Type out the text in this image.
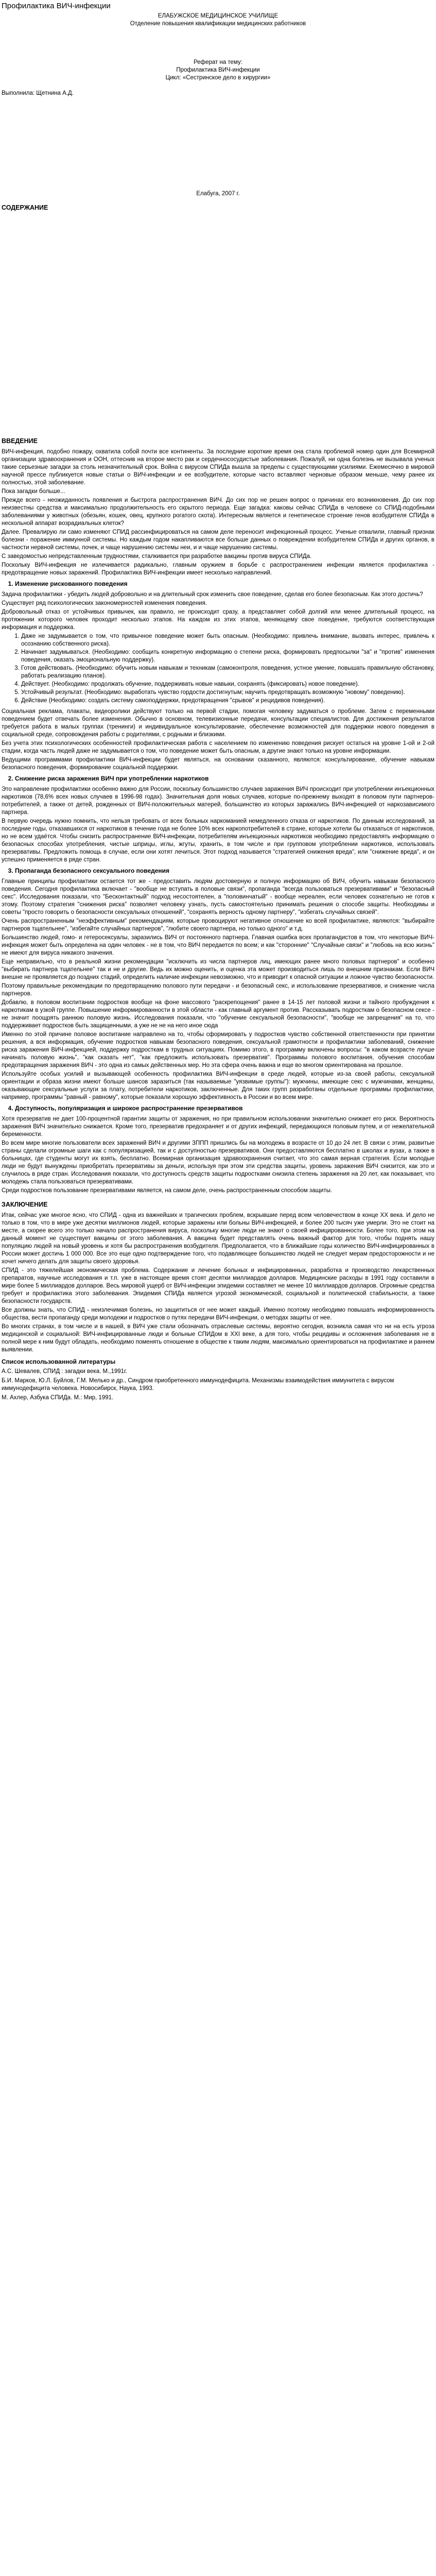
Профилактика ВИЧ-инфекции
ЕЛАБУЖСКОЕ МЕДИЦИНСКОЕ УЧИЛИЩЕ
Отделение повышения квалификации медицинских работников
Реферат на тему:
Профилактика ВИЧ-инфекции
Цикл: «Сестринское дело в хирургии»
Выполнила: Щетнина А.Д.
Елабуга, 2007 г.
СОДЕРЖАНИЕ
ВВЕДЕНИЕ

ВИЧ-инфекция, подобно пожару, охватила собой почти все континенты. За последние короткие время она стала проблемой номер один для Всемирной организации здравоохранения и ООН, оттеснив на второе место рак и сердечнососудистые заболевания. Пожалуй, ни одна болезнь не вызывала ученых такие серьезные загадки за столь незначительный срок. Война с вирусом СПИДа вышла за пределы с существующими усилиями. Ежемесячно в мировой научной прессе публикуется новые статьи о ВИЧ-инфекции и ее возбудителе, которые часто вставляют черновые образом меньше, чему ранее их полностью, этой заболевание.

Пока загадки больше...

Прежде всего - неожиданность появления и быстрота распространения ВИЧ. До сих пор не решен вопрос о причинах его возникновения. До сих пор неизвестны средства и максимально продолжительность его скрытого периода. Еще загадка: каковы сейчас СПИДа в человеке со СПИД-подобными заболеваниями у животных (обезьян, кошек, овец, крупного рогатого скота). Интересным является и генетическое строение генов возбудителя СПИДа в нескольной аппарат возрадиальных клеток?

Далее. Превалирую ли само изменяют СПИД рассинфицироваться на самом деле переносит инфекционный процесс. Ученые отвалили, главный признак болезни - поражение иммунной системы. Но каждым годом накапливаются все больше данных о повреждении возбудителем СПИДа и других органов, в частности нервной системы, почек, и чаще нарушению системы неи, и и чаще нарушению системы.

С заведомостью непредставленным трудностями, сталкивается при разработке вакцины против вируса СПИДа.

Поскольку ВИЧ-инфекция не излечивается радикально, главным оружием в борьбе с распространением инфекции является профилактика - предотвращение новых заражений. Профилактика ВИЧ-инфекции имеет несколько направлений.

1. Изменение рискованного поведения

Задача профилактики - убедить людей добровольно и на длительный срок изменить свое поведение, сделав его более безопасным. Как этого достичь?

Существует ряд психологических закономерностей изменения поведения.

Добровольный отказ от устойчивых привычек, как правило, не происходит сразу, а представляет собой долгий или менее длительный процесс, на протяжении которого человек проходит несколько этапов. На каждом из этих этапов, меняющему свое поведение, требуются соответствующая информация и поддержка.

1. Даже не задумывается о том, что привычное поведение может быть опасным. (Необходимо: привлечь внимание, вызвать интерес, привлечь к осознанию собственного риска).
2. Начинает задумываться. (Необходимо: сообщить конкретную информацию о степени риска, формировать предпосылки "за" и "против" изменения поведения, оказать эмоциональную поддержку).
3. Готов действовать. (Необходимо: обучить новым навыкам и техникам (самоконтроля, поведения, устное умение, повышать правильную обстановку, работать реализацию планов).
4. Действует. (Необходимо: продолжать обучение, поддерживать новые навыки, сохранять (фиксировать) новое поведение).
5. Устойчивый результат. (Необходимо: выработать чувство гордости достигнутым; научить предотвращать возможную "новому" поведению).
6. Действие (Необходимо: создать систему самоподдержки, предотвращения "срывов" и рецидивов поведения).

Социальная реклама, плакаты, видеоролики действуют только на первой стадии, помогая человеку задуматься о проблеме. Затем с переменными поведением будет отвечать более изменения. Обычно в основном, телевизионные передачи, консультации специалистов. Для достижения результатов требуется работа в малых группах (тренинги) и индивидуальное консультирование, обеспечение возможностей для поддержки нового поведения в социальной среде, сопровождения работы с родителями, с родными и близкими.

Без учета этих психологических особенностей профилактическая работа с населением по изменению поведения рискует остаться на уровне 1-ой и 2-ой стадии, когда часть людей даже не задумывается о том, что поведение может быть опасным, а другие знают только на уровне информации.

Ведущими программами профилактики ВИЧ-инфекции будет являться, на основании сказанного, являются: консультирование, обучение навыкам безопасного поведения, формирование социальной поддержки.

2. Снижение риска заражения ВИЧ при употреблении наркотиков

Это направление профилактики особенно важно для России, поскольку большинство случаев заражения ВИЧ происходит при употреблении инъекционных наркотиков (78,6% всех новых случаев в 1996-98 годах). Значительная доля новых случаев, которые по-прежнему выходят в половом пути партнеров-потребителей, а также от детей, рожденных от ВИЧ-положительных матерей, большинство из которых заражались ВИЧ-инфекцией от наркозависимого партнера.

В первую очередь нужно помнить, что нельзя требовать от всех больных наркоманией немедленного отказа от наркотиков. По данным исследований, за последние годы, отказавшихся от наркотиков в течение года не более 10% всех наркопотребителей в стране, которые хотели бы отказаться от наркотиков, но не всем удаётся. Чтобы снизить распространение ВИЧ-инфекции, потребителям инъекционных наркотиков необходимо предоставлять информацию о безопасных способах употребления, чистые шприцы, иглы, жгуты, хранить, в том числе и при групповом употреблении наркотиков, использовать презервативы. Предложить помощь в случае, если они хотят лечиться. Этот подход называется "стратегией снижения вреда", или "снижение вреда", и он успешно применяется в ряде стран.

3. Пропаганда безопасного сексуального поведения

Главные принципы профилактики остается тот же - предоставить людям достоверную и полную информацию об ВИЧ, обучить навыкам безопасного поведения. Сегодня профилактика включает - "вообще не вступать в половые связи", пропаганда "всегда пользоваться презервативами" и "безопасный секс". Исследования показали, что "Бесконтактный" подход несостоятелен, а "половинчатый" - вообще нереален, если человек сознательно не готов к этому. Поэтому стратегия "снижения риска" позволяет человеку узнать, пусть самостоятельно принимать решения о способе защиты. Необходимы и советы "просто говорить о безопасности сексуальных отношений", "сохранять верность одному партнеру", "избегать случайных связей".

Очень распространенным "неэффективным" рекомендациям, которые провоцируют негативное отношение ко всей профилактике, являются: "выбирайте партнеров тщательнее", "избегайте случайных партнеров", "любите своего партнера, но только одного" и т.д.

Большинство людей, гомо- и гетеросексуалы, заразились ВИЧ от постоянного партнера. Главная ошибка всех пропагандистов в том, что некоторые ВИЧ-инфекция может быть определена на один человек - не в том, что ВИЧ передается по всем; и как "сторонние" "Случайные связи" и "любовь на всю жизнь" не имеют для вируса никакого значения.

Еще неправильно, что в реальной жизни рекомендации "исключить из числа партнеров лиц, имеющих ранее много половых партнеров" и особенно "выбирать партнера тщательнее" так и не и другие. Ведь их можно оценить, и оценка эта может производиться лишь по внешним признакам. Если ВИЧ внешне не проявляется до поздних стадий, определить наличие инфекции невозможно, что и приводит к опасной ситуации и ложное чувство безопасности.

Поэтому правильные рекомендации по предотвращению полового пути передачи - и безопасный секс, и использование презервативов, и снижение числа партнеров.

Добавлю, в половом воспитании подростков вообще на фоне массового "раскрепощения" ранее в 14-15 лет половой жизни и тайного пробуждения к наркотикам в узкой группе. Повышение информированности в этой области - как главный аргумент против. Рассказывать подросткам о безопасном сексе - не значит поощрять раннюю половую жизнь. Исследования показали, что "обучение сексуальной безопасности", "вообще не запрещения" на то, что поддерживает подростков быть защищенными, а уже не не на него иное сюда

Именно по этой причине половое воспитание направлено на то, чтобы сформировать у подростков чувство собственной ответственности при принятии решения, а вся информация, обучение подростков навыкам безопасного поведения, сексуальной грамотности и профилактики заболеваний, снижение риска заражения ВИЧ-инфекцией, поддержку подросткам в трудных ситуациях. Помимо этого, в программу включены вопросы: "в каком возрасте лучше начинать половую жизнь", "как сказать нет", "как предложить использовать презерватив". Программы полового воспитания, обучения способам предотвращения заражения ВИЧ - это одна из самых действенных мер. Но эта сфера очень важна и еще во многом ориентирована на прошлое.

Используйте особых усилий и вызывающей особенность профилактика ВИЧ-инфекции в среде людей, которые из-за своей работы, сексуальной ориентации и образа жизни имеют больше шансов заразиться (так называемые "уязвимые группы"): мужчины, имеющие секс с мужчинами, женщины, оказывающие сексуальные услуги за плату, потребители наркотиков, заключенные. Для таких групп разработаны отдельные программы профилактики, например, программы "равный - равному", которые показали хорошую эффективность в России и во всем мире.

4. Доступность, популяризация и широкое распространение презервативов

Хотя презерватив не дает 100-процентной гарантии защиты от заражения, но при правильном использовании значительно снижает его риск. Вероятность заражения ВИЧ значительно снижается. Кроме того, презерватив предохраняет и от других инфекций, передающихся половым путем, и от нежелательной беременности.

Во всем мире многие пользователи всех заражений ВИЧ и другими ЗППП пришлись бы на молодежь в возрасте от 10 до 24 лет. В связи с этим, развитые страны сделали огромные шаги как с популяризацией, так и с доступностью презервативов. Они предоставляются бесплатно в школах и вузах, а также в больницах, где студенты могут их взять, бесплатно. Всемирная организация здравоохранения считает, что это самая верная стратегия. Если молодые люди не будут вынуждены приобретать презервативы за деньги, используя при этом эти средства защиты, уровень заражения ВИЧ снизится, как это и случилось в ряде стран. Исследования показали, что доступность средств защиты подростками снизила степень заражения на 20 лет, как показывает, что молодежь стала пользоваться презервативами.

Среди подростков пользование презервативами является, на самом деле, очень распространенным способом защиты.

ЗАКЛЮЧЕНИЕ

Итак, сейчас уже многое ясно, что СПИД - одна из важнейших и трагических проблем, вскрывшие перед всем человечеством в конце XX века. И дело не только в том, что в мире уже десятки миллионов людей, которые заражены или больны ВИЧ-инфекцией, и более 200 тысяч уже умерли. Это не стоит на месте, а скорее всего это только начало распространения вируса, поскольку многие люди не знают о своей инфицированности. Более того, при этом на данный момент не существует вакцины от этого заболевания. А вакцина будет представлять очень важный фактор для того, чтобы поднять нашу популяцию людей на новый уровень и хотя бы распространения возбудителя. Предполагается, что в ближайшие годы количество ВИЧ-инфицированных в России может достичь 1 000 000. Все это еще одно подтверждение того, что подавляющее большинство людей не следует мерам предосторожности и не хочет ничего делать для защиты своего здоровья.

СПИД - это тяжелейшая экономическая проблема. Содержание и лечение больных и инфицированных, разработка и производство лекарственных препаратов, научные исследования и т.п. уже в настоящее время стоят десятки миллиардов долларов. Медицинские расходы в 1991 году составили в мире более 5 миллиардов долларов. Весь мировой ущерб от ВИЧ-инфекции эпидемии составляет не менее 10 миллиардов долларов. Огромные средства требует и профилактика этого заболевания. Эпидемия СПИДа является угрозой экономической, социальной и политической стабильности, а также безопасности государств.

Все должны знать, что СПИД - неизлечимая болезнь, но защититься от нее может каждый. Именно поэтому необходимо повышать информированность общества, вести пропаганду среди молодежи и подростков о путях передачи ВИЧ-инфекции, о методах защиты от нее.

Во многих странах, в том числе и в нашей, в ВИЧ уже стали обозначать отраслевые системы, вероятно сегодня, возникла самая что ни на есть угроза медицинской и социальной: ВИЧ-инфицированные люди и больные СПИДом в XXI веке, а для того, чтобы рецидивы и осложнения заболевания не в полной мере к ним будут обладать, необходимо поменять отношение в обществе к таким людям, максимально ориентироваться на профилактике и раннем выявлении.

Список использованной литературы

А.С. Шевалев, СПИД : загадки века. М.,1991г.

Б.И. Марков, Ю.Л. Буйлов, Г.М. Мелько и др., Синдром приобретенного иммунодефицита. Механизмы взаимодействия иммунитета с вирусом иммунодефицита человека. Новосибирск, Наука, 1993.

М. Ахлер, Азбука СПИДа. М.: Мир, 1991.
